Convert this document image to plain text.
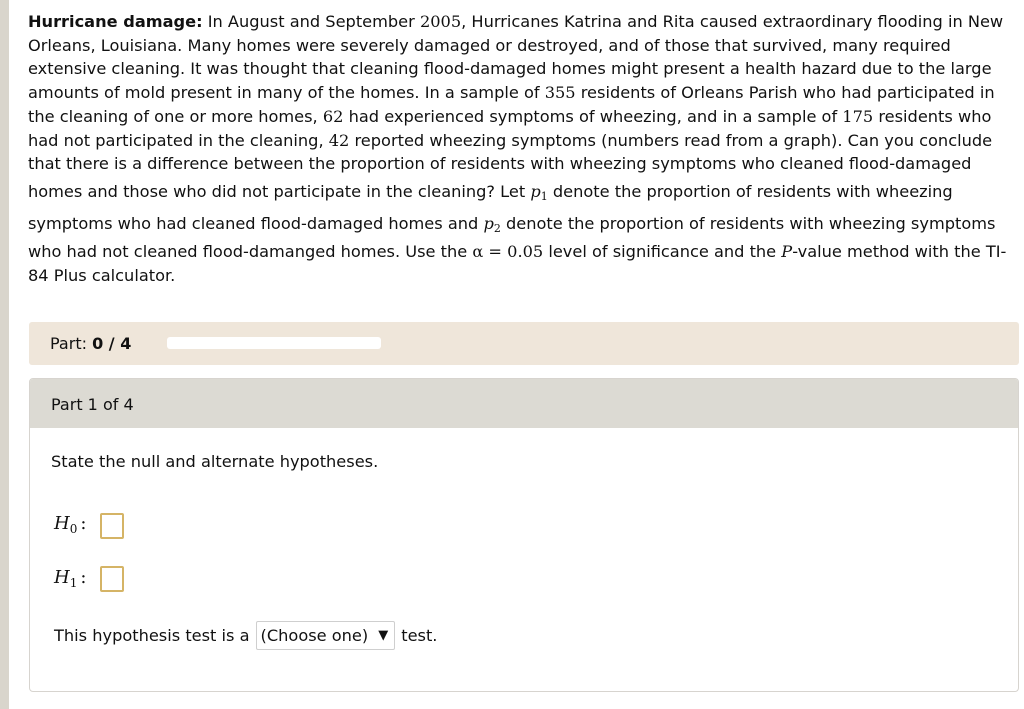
Hurricane damage: In August and September 2005, Hurricanes Katrina and Rita caused extraordinary flooding in New Orleans, Louisiana. Many homes were severely damaged or destroyed, and of those that survived, many required extensive cleaning. It was thought that cleaning flood-damaged homes might present a health hazard due to the large amounts of mold present in many of the homes. In a sample of 355 residents of Orleans Parish who had participated in the cleaning of one or more homes, 62 had experienced symptoms of wheezing, and in a sample of 175 residents who had not participated in the cleaning, 42 reported wheezing symptoms (numbers read from a graph). Can you conclude that there is a difference between the proportion of residents with wheezing symptoms who cleaned flood-damaged homes and those who did not participate in the cleaning? Let $p_1$ denote the proportion of residents with wheezing symptoms who had cleaned flood-damaged homes and $p_2$ denote the proportion of residents with wheezing symptoms who had not cleaned flood-damanged homes. Use the α = 0.05 level of significance and the P-value method with the TI-84 Plus calculator.
Part: 0 / 4
Part 1 of 4
State the null and alternate hypotheses.
$H_0$ :
$H_1$ :
This hypothesis test is a (Choose one) ▼ test.
